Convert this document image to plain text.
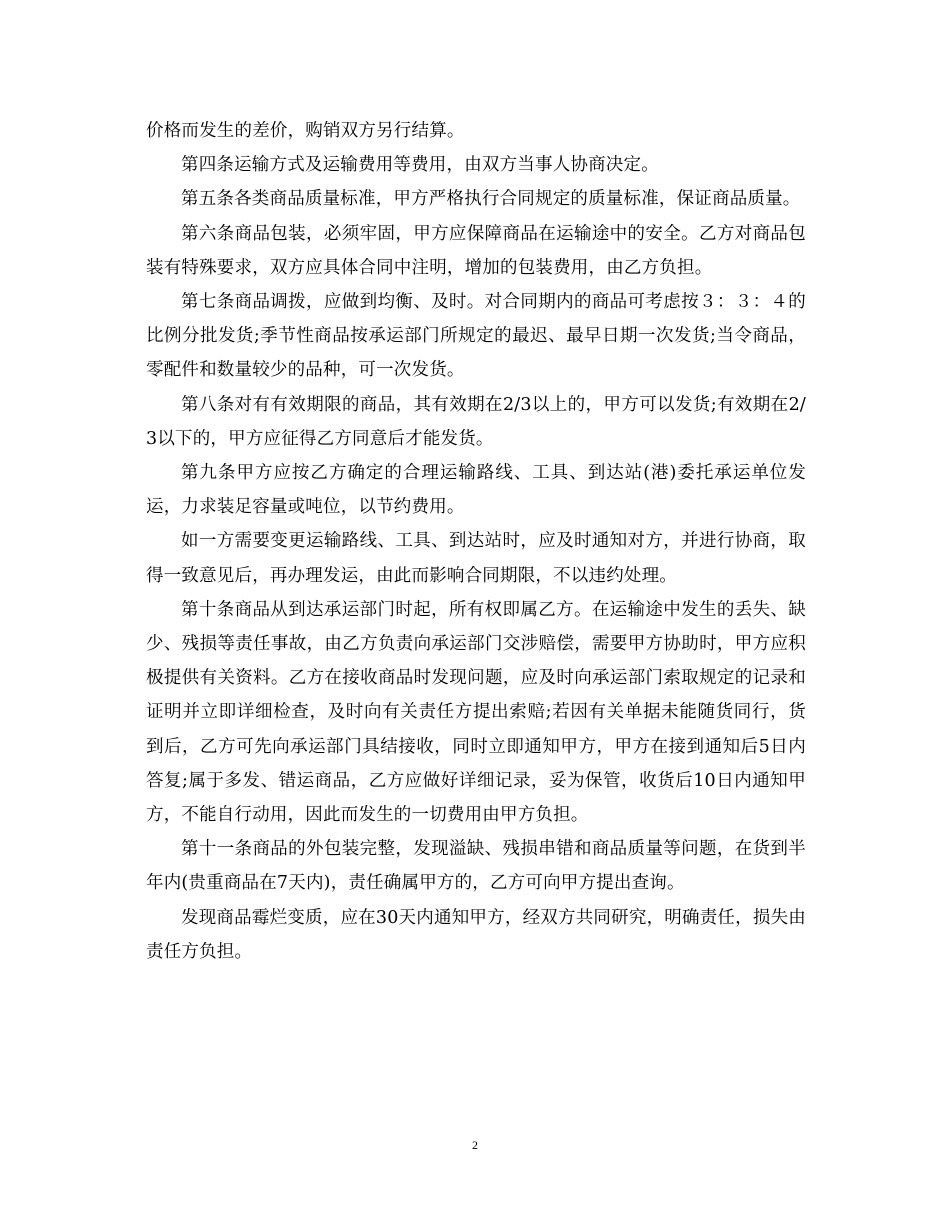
价格而发生的差价，购销双方另行结算。

第四条运输方式及运输费用等费用，由双方当事人协商决定。

第五条各类商品质量标准，甲方严格执行合同规定的质量标准，保证商品质量。

第六条商品包装，必须牢固，甲方应保障商品在运输途中的安全。乙方对商品包装有特殊要求，双方应具体合同中注明，增加的包装费用，由乙方负担。

第七条商品调拨，应做到均衡、及时。对合同期内的商品可考虑按３：３：４的比例分批发货;季节性商品按承运部门所规定的最迟、最早日期一次发货;当令商品，零配件和数量较少的品种，可一次发货。

第八条对有有效期限的商品，其有效期在2/3以上的，甲方可以发货;有效期在2/3以下的，甲方应征得乙方同意后才能发货。

第九条甲方应按乙方确定的合理运输路线、工具、到达站(港)委托承运单位发运，力求装足容量或吨位，以节约费用。

如一方需要变更运输路线、工具、到达站时，应及时通知对方，并进行协商，取得一致意见后，再办理发运，由此而影响合同期限，不以违约处理。

第十条商品从到达承运部门时起，所有权即属乙方。在运输途中发生的丢失、缺少、残损等责任事故，由乙方负责向承运部门交涉赔偿，需要甲方协助时，甲方应积极提供有关资料。乙方在接收商品时发现问题，应及时向承运部门索取规定的记录和证明并立即详细检查，及时向有关责任方提出索赔;若因有关单据未能随货同行，货到后，乙方可先向承运部门具结接收，同时立即通知甲方，甲方在接到通知后5日内答复;属于多发、错运商品，乙方应做好详细记录，妥为保管，收货后10日内通知甲方，不能自行动用，因此而发生的一切费用由甲方负担。

第十一条商品的外包装完整，发现溢缺、残损串错和商品质量等问题，在货到半年内(贵重商品在7天内)，责任确属甲方的，乙方可向甲方提出查询。

发现商品霉烂变质，应在30天内通知甲方，经双方共同研究，明确责任，损失由责任方负担。

2
